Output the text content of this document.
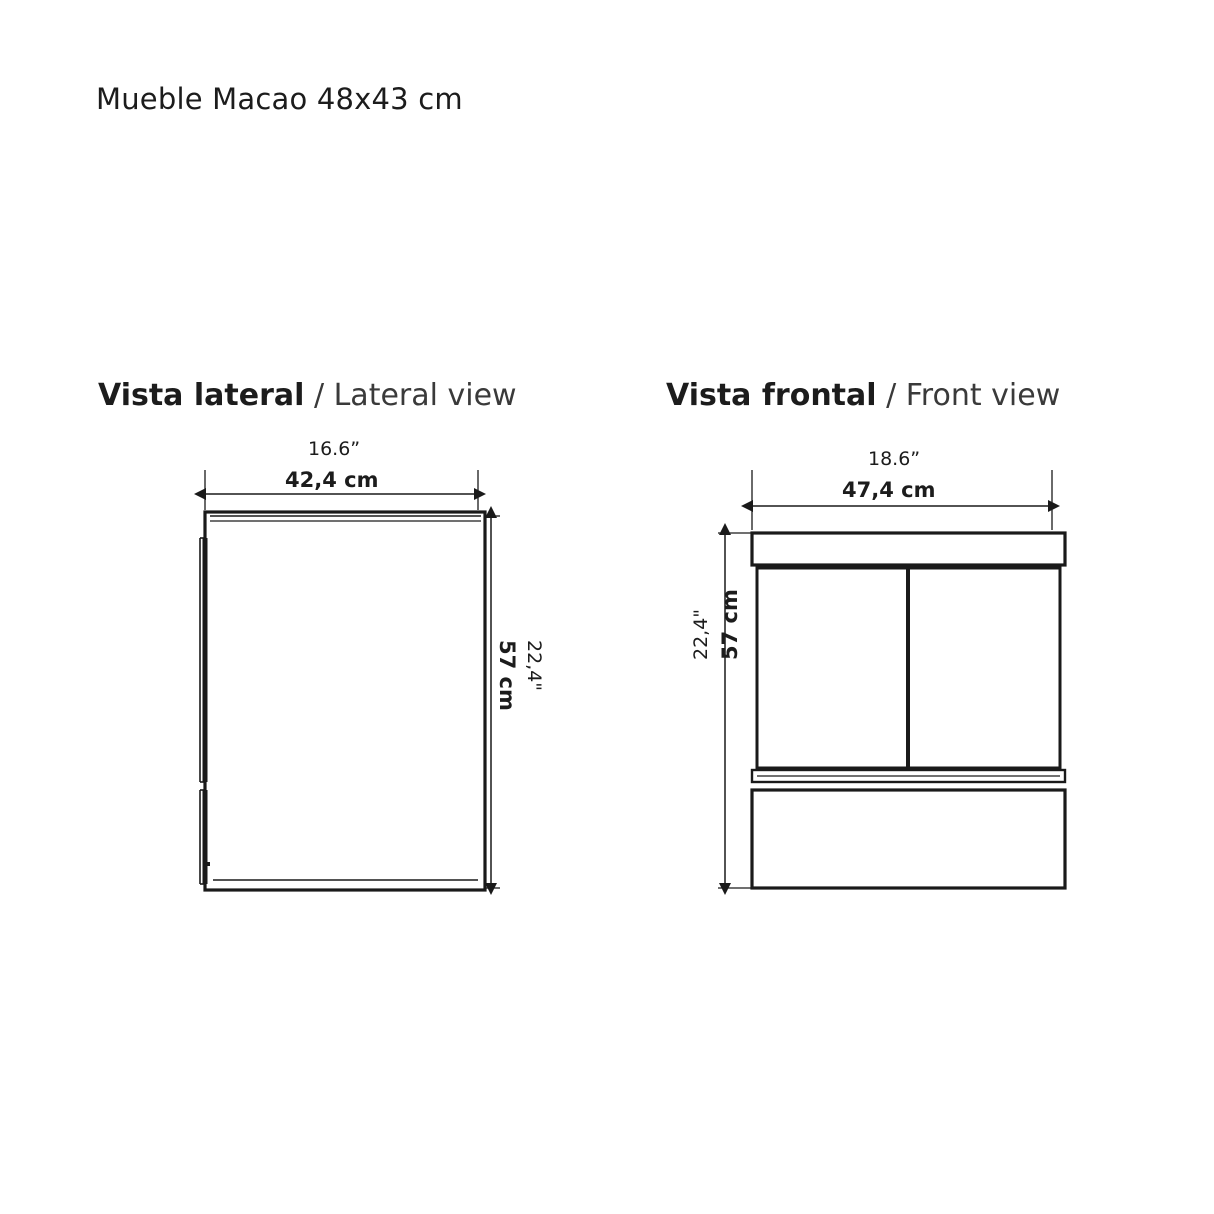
Mueble Macao 48x43 cm
Vista lateral / Lateral view	Vista frontal / Front view
16.6”
42,4 cm
22,4"
57 cm
18.6”
47,4 cm
22,4" 57 cm
